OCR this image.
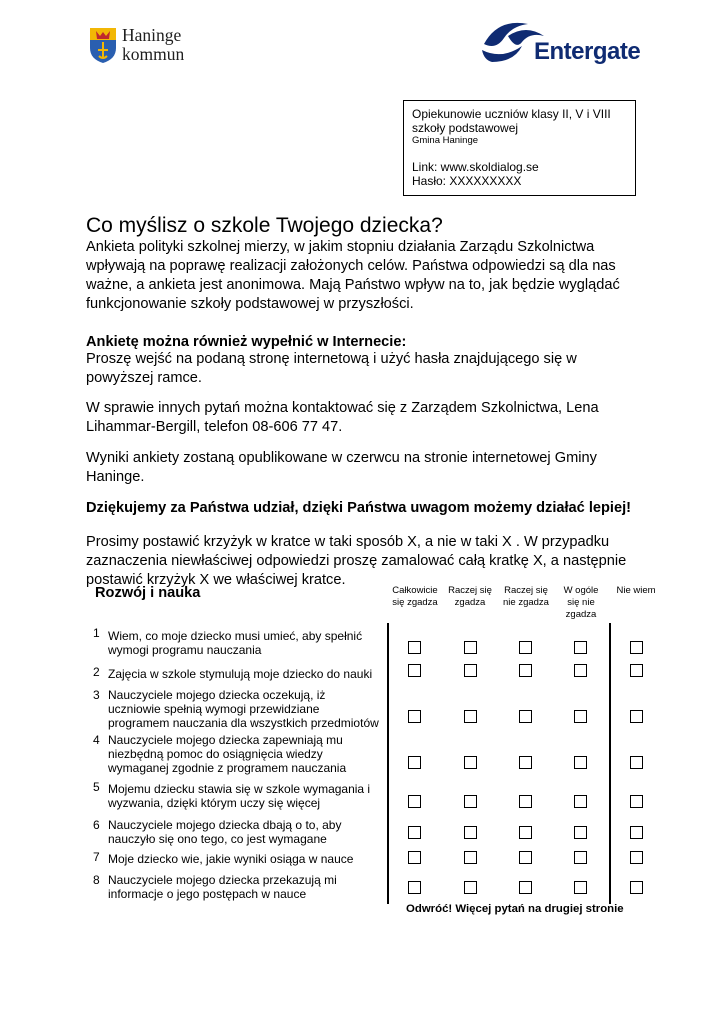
Haninge
kommun	Entergate
Opiekunowie uczniów klasy II, V i VIII
szkoły podstawowej
Gmina Haninge
Link: www.skoldialog.se
Hasło: XXXXXXXXX
Co myślisz o szkole Twojego dziecka?
Ankieta polityki szkolnej mierzy, w jakim stopniu działania Zarządu Szkolnictwa
wpływają na poprawę realizacji założonych celów. Państwa odpowiedzi są dla nas
ważne, a ankieta jest anonimowa. Mają Państwo wpływ na to, jak będzie wyglądać
funkcjonowanie szkoły podstawowej w przyszłości.
Ankietę można również wypełnić w Internecie:
Proszę wejść na podaną stronę internetową i użyć hasła znajdującego się w
powyższej ramce.
W sprawie innych pytań można kontaktować się z Zarządem Szkolnictwa, Lena
Lihammar-Bergill, telefon 08-606 77 47.
Wyniki ankiety zostaną opublikowane w czerwcu na stronie internetowej Gminy
Haninge.
Dziękujemy za Państwa udział, dzięki Państwa uwagom możemy działać lepiej!
Prosimy postawić krzyżyk w kratce w taki sposób X, a nie w taki X . W przypadku
zaznaczenia niewłaściwej odpowiedzi proszę zamalować całą kratkę X, a następnie
postawić krzyżyk X we właściwej kratce.
Rozwój i nauka	Całkowicie
się zgadza
Raczej się
zgadza
Raczej się
nie zgadza
W ogóle
się nie
zgadza
Nie wiem
1 Wiem, co moje dziecko musi umieć, aby spełnić
wymogi programu nauczania
2 Zajęcia w szkole stymulują moje dziecko do nauki
3 Nauczyciele mojego dziecka oczekują, iż
uczniowie spełnią wymogi przewidziane
programem nauczania dla wszystkich przedmiotów
4 Nauczyciele mojego dziecka zapewniają mu
niezbędną pomoc do osiągnięcia wiedzy
wymaganej zgodnie z programem nauczania
5 Mojemu dziecku stawia się w szkole wymagania i
wyzwania, dzięki którym uczy się więcej
6 Nauczyciele mojego dziecka dbają o to, aby
nauczyło się ono tego, co jest wymagane
7 Moje dziecko wie, jakie wyniki osiąga w nauce
8 Nauczyciele mojego dziecka przekazują mi
informacje o jego postępach w nauce
Odwróć! Więcej pytań na drugiej stronie
